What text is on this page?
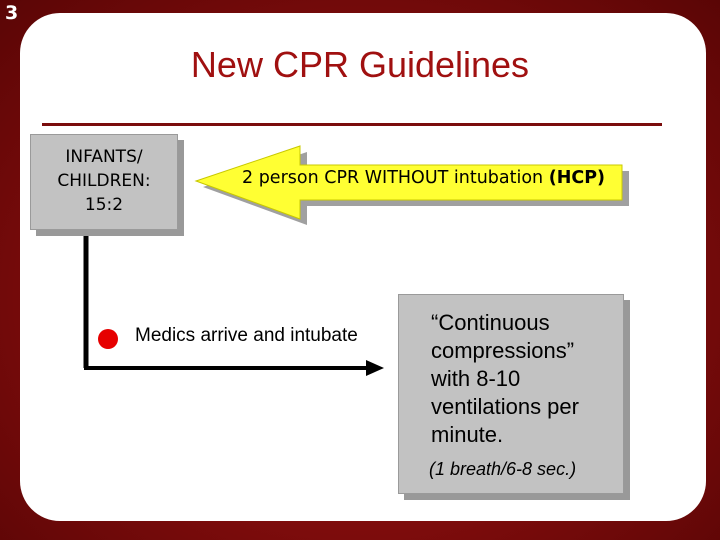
3
New CPR Guidelines
INFANTS/
CHILDREN:
15:2
2 person CPR WITHOUT intubation (HCP)
Medics arrive and intubate
“Continuous compressions” with 8-10 ventilations per minute.
(1 breath/6-8 sec.)
